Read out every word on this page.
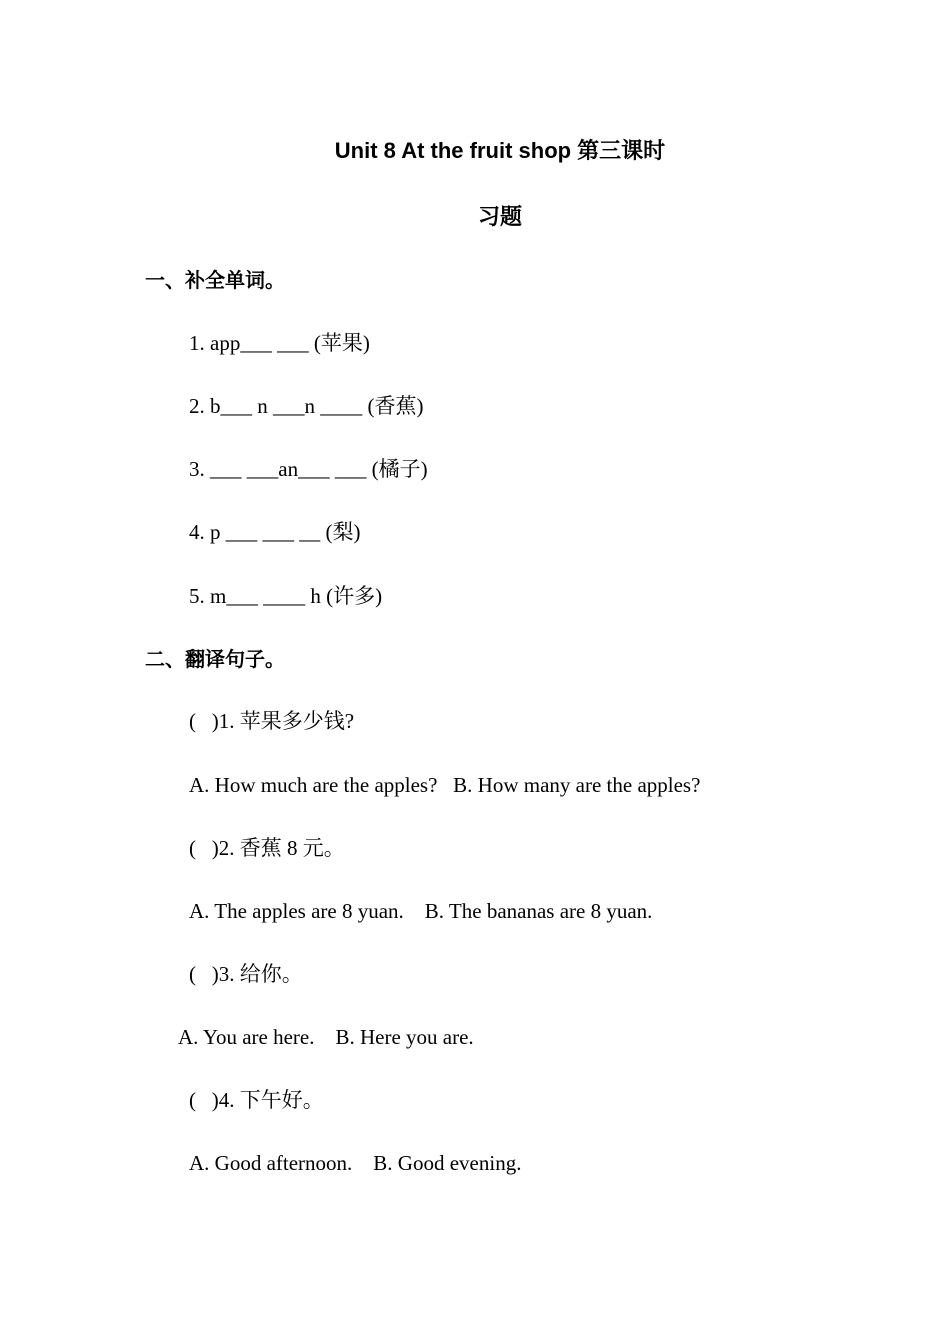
Unit 8 At the fruit shop 第三课时
习题
一、补全单词。
1. app___ ___ (苹果)
2. b___ n ___n ____ (香蕉)
3. ___ ___an___ ___ (橘子)
4. p ___ ___ __ (梨)
5. m___ ____ h (许多)
二、翻译句子。
(   )1. 苹果多少钱?
A. How much are the apples?   B. How many are the apples?
(   )2. 香蕉 8 元。
A. The apples are 8 yuan.    B. The bananas are 8 yuan.
(   )3. 给你。
A. You are here.    B. Here you are.
(   )4. 下午好。
A. Good afternoon.    B. Good evening.
